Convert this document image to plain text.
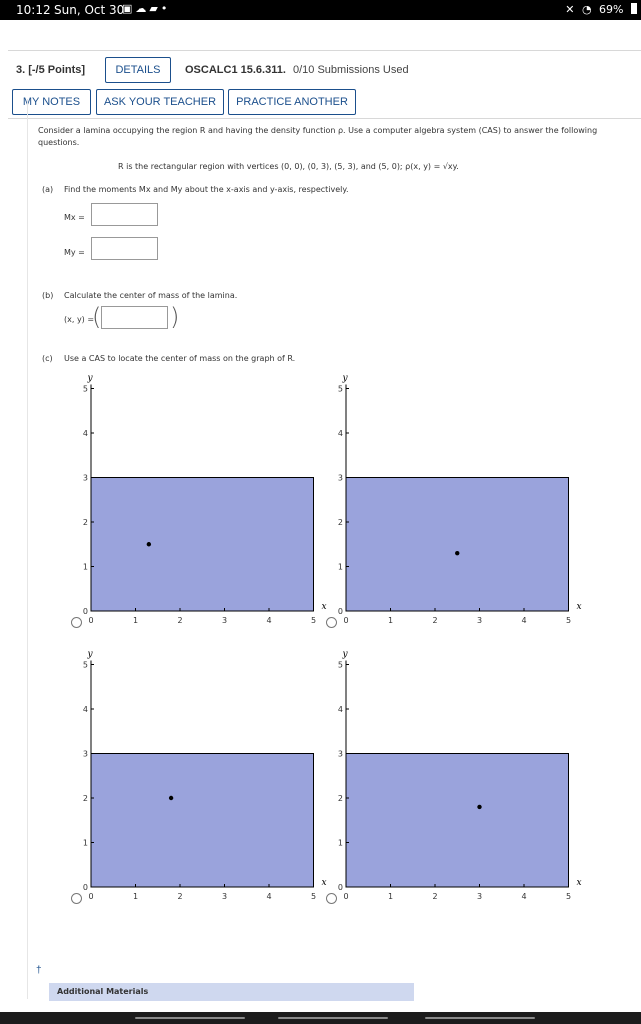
10:12 Sun, Oct 30
▣☁▰•	✕ ◔ 69%
3. [-/5 Points]	DETAILS	OSCALC1 15.6.311. 0/10 Submissions Used
MY NOTES	ASK YOUR TEACHER	PRACTICE ANOTHER
Consider a lamina occupying the region R and having the density function ρ. Use a computer algebra system (CAS) to answer the following
questions.
R is the rectangular region with vertices (0, 0), (0, 3), (5, 3), and (5, 0); ρ(x, y) = √xy.
(a) Find the moments Mx and My about the x-axis and y-axis, respectively.
Mx =
My =
(b) Calculate the center of mass of the lamina.
(x, y) =
(	)
(c) Use a CAS to locate the center of mass on the graph of R.
0	1	2	3	4	5
0
1
2
3
4
5
x
y
0	1	2	3	4	5
0
1
2
3
4
5
x
y
0	1	2	3	4	5
0
1
2
3
4
5
x
y
0	1	2	3	4	5
0
1
2
3
4
5
x
y
†
Additional Materials
